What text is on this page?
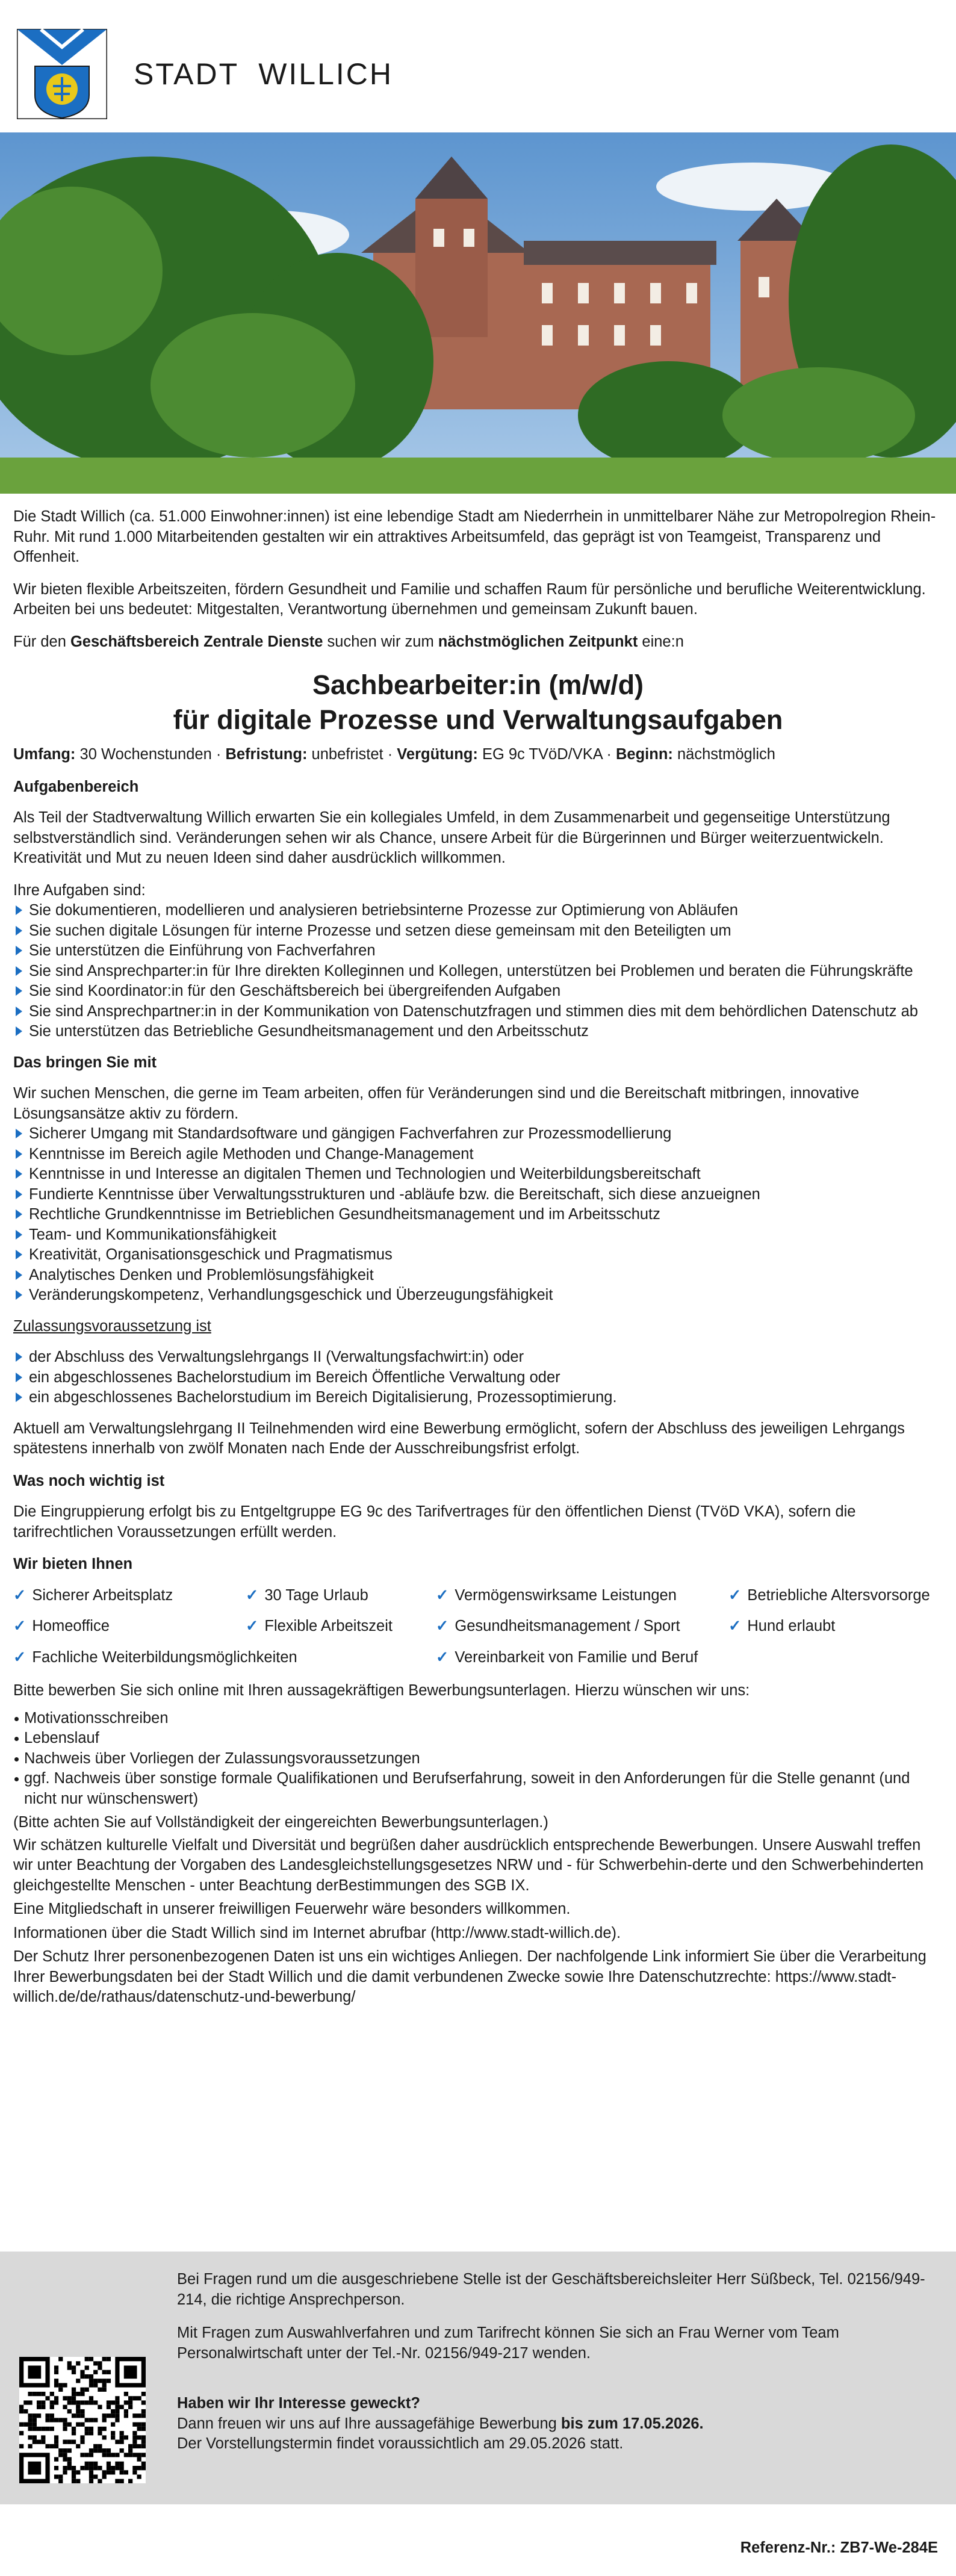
STADT WILLICH

Die Stadt Willich (ca. 51.000 Einwohner:innen) ist eine lebendige Stadt am Niederrhein in unmittelbarer Nähe zur Metropolregion Rhein-Ruhr. Mit rund 1.000 Mitarbeitenden gestalten wir ein attraktives Arbeitsumfeld, das geprägt ist von Teamgeist, Transparenz und Offenheit.

Wir bieten flexible Arbeitszeiten, fördern Gesundheit und Familie und schaffen Raum für persönliche und berufliche Weiterentwicklung. Arbeiten bei uns bedeutet: Mitgestalten, Verantwortung übernehmen und gemeinsam Zukunft bauen.

Für den Geschäftsbereich Zentrale Dienste suchen wir zum nächstmöglichen Zeitpunkt eine:n

Sachbearbeiter:in (m/w/d)
für digitale Prozesse und Verwaltungsaufgaben
Umfang: 30 Wochenstunden · Befristung: unbefristet · Vergütung: EG 9c TVöD/VKA · Beginn: nächstmöglich
Aufgabenbereich

Als Teil der Stadtverwaltung Willich erwarten Sie ein kollegiales Umfeld, in dem Zusammenarbeit und gegenseitige Unterstützung selbstverständlich sind. Veränderungen sehen wir als Chance, unsere Arbeit für die Bürgerinnen und Bürger weiterzuentwickeln. Kreativität und Mut zu neuen Ideen sind daher ausdrücklich willkommen.

Ihre Aufgaben sind:
Sie dokumentieren, modellieren und analysieren betriebsinterne Prozesse zur Optimierung von Abläufen
Sie suchen digitale Lösungen für interne Prozesse und setzen diese gemeinsam mit den Beteiligten um
Sie unterstützen die Einführung von Fachverfahren
Sie sind Ansprechparter:in für Ihre direkten Kolleginnen und Kollegen, unterstützen bei Problemen und beraten die Führungskräfte
Sie sind Koordinator:in für den Geschäftsbereich bei übergreifenden Aufgaben
Sie sind Ansprechpartner:in in der Kommunikation von Datenschutzfragen und stimmen dies mit dem behördlichen Datenschutz ab
Sie unterstützen das Betriebliche Gesundheitsmanagement und den Arbeitsschutz
Das bringen Sie mit
Wir suchen Menschen, die gerne im Team arbeiten, offen für Veränderungen sind und die Bereitschaft mitbringen, innovative Lösungsansätze aktiv zu fördern.
Sicherer Umgang mit Standardsoftware und gängigen Fachverfahren zur Prozessmodellierung
Kenntnisse im Bereich agile Methoden und Change-Management
Kenntnisse in und Interesse an digitalen Themen und Technologien und Weiterbildungsbereitschaft
Fundierte Kenntnisse über Verwaltungsstrukturen und -abläufe bzw. die Bereitschaft, sich diese anzueignen
Rechtliche Grundkenntnisse im Betrieblichen Gesundheitsmanagement und im Arbeitsschutz
Team- und Kommunikationsfähigkeit
Kreativität, Organisationsgeschick und Pragmatismus
Analytisches Denken und Problemlösungsfähigkeit
Veränderungskompetenz, Verhandlungsgeschick und Überzeugungsfähigkeit
Zulassungsvoraussetzung ist
der Abschluss des Verwaltungslehrgangs II (Verwaltungsfachwirt:in) oder
ein abgeschlossenes Bachelorstudium im Bereich Öffentliche Verwaltung oder
ein abgeschlossenes Bachelorstudium im Bereich Digitalisierung, Prozessoptimierung.

Aktuell am Verwaltungslehrgang II Teilnehmenden wird eine Bewerbung ermöglicht, sofern der Abschluss des jeweiligen Lehrgangs spätestens innerhalb von zwölf Monaten nach Ende der Ausschreibungsfrist erfolgt.

Was noch wichtig ist

Die Eingruppierung erfolgt bis zu Entgeltgruppe EG 9c des Tarifvertrages für den öffentlichen Dienst (TVöD VKA), sofern die tarifrechtlichen Voraussetzungen erfüllt werden.

Wir bieten Ihnen
✓ Sicherer Arbeitsplatz	✓ 30 Tage Urlaub	✓ Vermögenswirksame Leistungen	✓ Betriebliche Altersvorsorge
✓ Homeoffice	✓ Flexible Arbeitszeit	✓ Gesundheitsmanagement / Sport	✓ Hund erlaubt
✓ Fachliche Weiterbildungsmöglichkeiten	✓ Vereinbarkeit von Familie und Beruf
Bitte bewerben Sie sich online mit Ihren aussagekräftigen Bewerbungsunterlagen. Hierzu wünschen wir uns:
Motivationsschreiben
Lebenslauf
Nachweis über Vorliegen der Zulassungsvoraussetzungen
ggf. Nachweis über sonstige formale Qualifikationen und Berufserfahrung, soweit in den Anforderungen für die Stelle genannt (und nicht nur wünschenswert)

(Bitte achten Sie auf Vollständigkeit der eingereichten Bewerbungsunterlagen.)

Wir schätzen kulturelle Vielfalt und Diversität und begrüßen daher ausdrücklich entsprechende Bewerbungen. Unsere Auswahl treffen wir unter Beachtung der Vorgaben des Landesgleichstellungsgesetzes NRW und - für Schwerbehin-derte und den Schwerbehinderten gleichgestellte Menschen - unter Beachtung derBestimmungen des SGB IX.

Eine Mitgliedschaft in unserer freiwilligen Feuerwehr wäre besonders willkommen.

Informationen über die Stadt Willich sind im Internet abrufbar (http://www.stadt-willich.de).

Der Schutz Ihrer personenbezogenen Daten ist uns ein wichtiges Anliegen. Der nachfolgende Link informiert Sie über die Verarbeitung Ihrer Bewerbungsdaten bei der Stadt Willich und die damit verbundenen Zwecke sowie Ihre Datenschutzrechte: https://www.stadt-willich.de/de/rathaus/datenschutz-und-bewerbung/

Bei Fragen rund um die ausgeschriebene Stelle ist der Geschäftsbereichsleiter Herr Süßbeck, Tel. 02156/949-214, die richtige Ansprechperson.

Mit Fragen zum Auswahlverfahren und zum Tarifrecht können Sie sich an Frau Werner vom Team Personalwirtschaft unter der Tel.-Nr. 02156/949-217 wenden.

Haben wir Ihr Interesse geweckt?
Dann freuen wir uns auf Ihre aussagefähige Bewerbung bis zum 17.05.2026.
Der Vorstellungstermin findet voraussichtlich am 29.05.2026 statt.
Referenz-Nr.: ZB7-We-284E
